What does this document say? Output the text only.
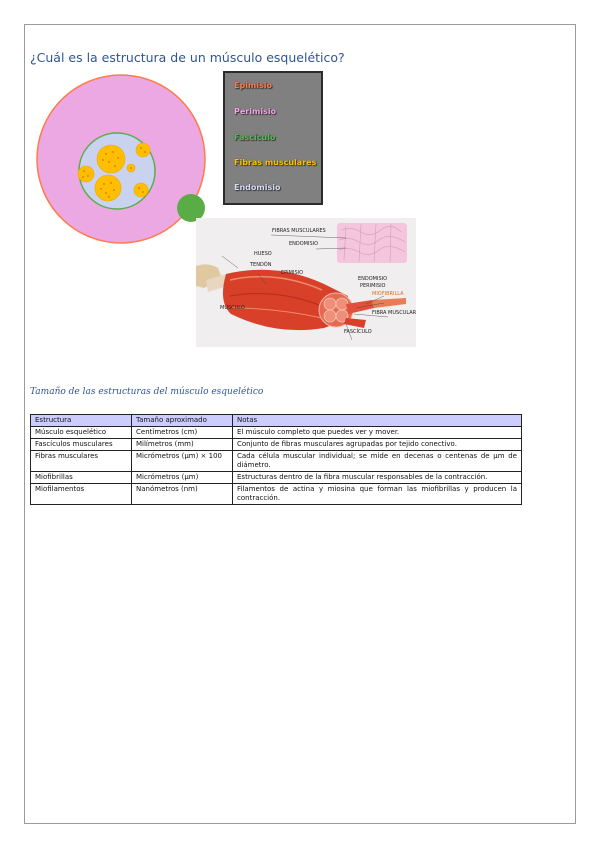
¿Cuál es la estructura de un músculo esquelético?
Epimisio
Perimisio
Fascículo
Fibras musculares
Endomisio
FIBRAS MUSCULARES
ENDOMISIO
HUESO
TENDÓN
EPIMISIO
ENDOMISIO
PERIMISIO
MIOFIBRILLA
MÚSCULO
FIBRA MUSCULAR
FASCÍCULO
Tamaño de las estructuras del músculo esquelético
Estructura	Tamaño aproximado	Notas
Músculo esquelético	Centímetros (cm)	El músculo completo que puedes ver y mover.
Fascículos musculares	Milímetros (mm)	Conjunto de fibras musculares agrupadas por tejido conectivo.
Fibras musculares	Micrómetros (µm) × 100	Cada célula muscular individual; se mide en decenas o centenas de µm de diámetro.
Miofibrillas	Micrómetros (µm)	Estructuras dentro de la fibra muscular responsables de la contracción.
Miofilamentos	Nanómetros (nm)	Filamentos de actina y miosina que forman las miofibrillas y producen la contracción.
